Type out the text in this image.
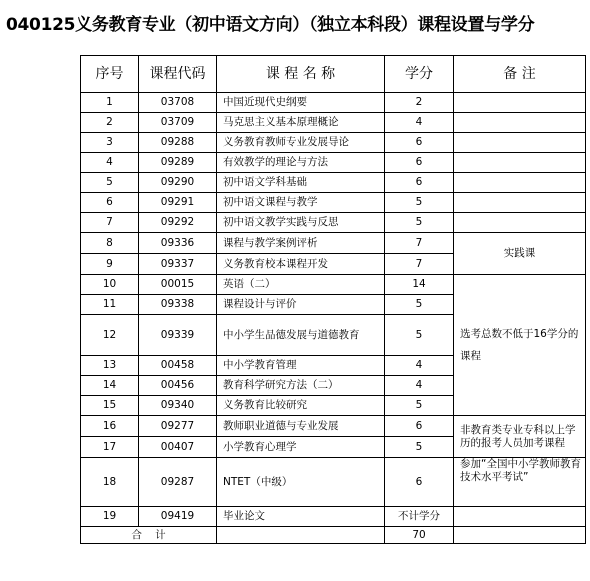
040125义务教育专业（初中语文方向）（独立本科段）课程设置与学分
序号	课程代码	课 程 名 称	学分	备 注
1	03708	中国近现代史纲要	2	
2	03709	马克思主义基本原理概论	4	
3	09288	义务教育教师专业发展导论	6	
4	09289	有效教学的理论与方法	6	
5	09290	初中语文学科基础	6	
6	09291	初中语文课程与教学	5	
7	09292	初中语文教学实践与反思	5	
8	09336	课程与教学案例评析	7	实践课
9	09337	义务教育校本课程开发	7	
10	00015	英语（二）	14	选考总数不低于16学分的课程
11	09338	课程设计与评价	5	
12	09339	中小学生品德发展与道德教育	5	
13	00458	中小学教育管理	4	
14	00456	教育科学研究方法（二）	4	
15	09340	义务教育比较研究	5	
16	09277	教师职业道德与专业发展	6	非教育类专业专科以上学历的报考人员加考课程
17	00407	小学教育心理学	5	
18	09287	NTET（中级）	6	参加“全国中小学教师教育技术水平考试”
19	09419	毕业论文	不计学分	
合    计			70	
